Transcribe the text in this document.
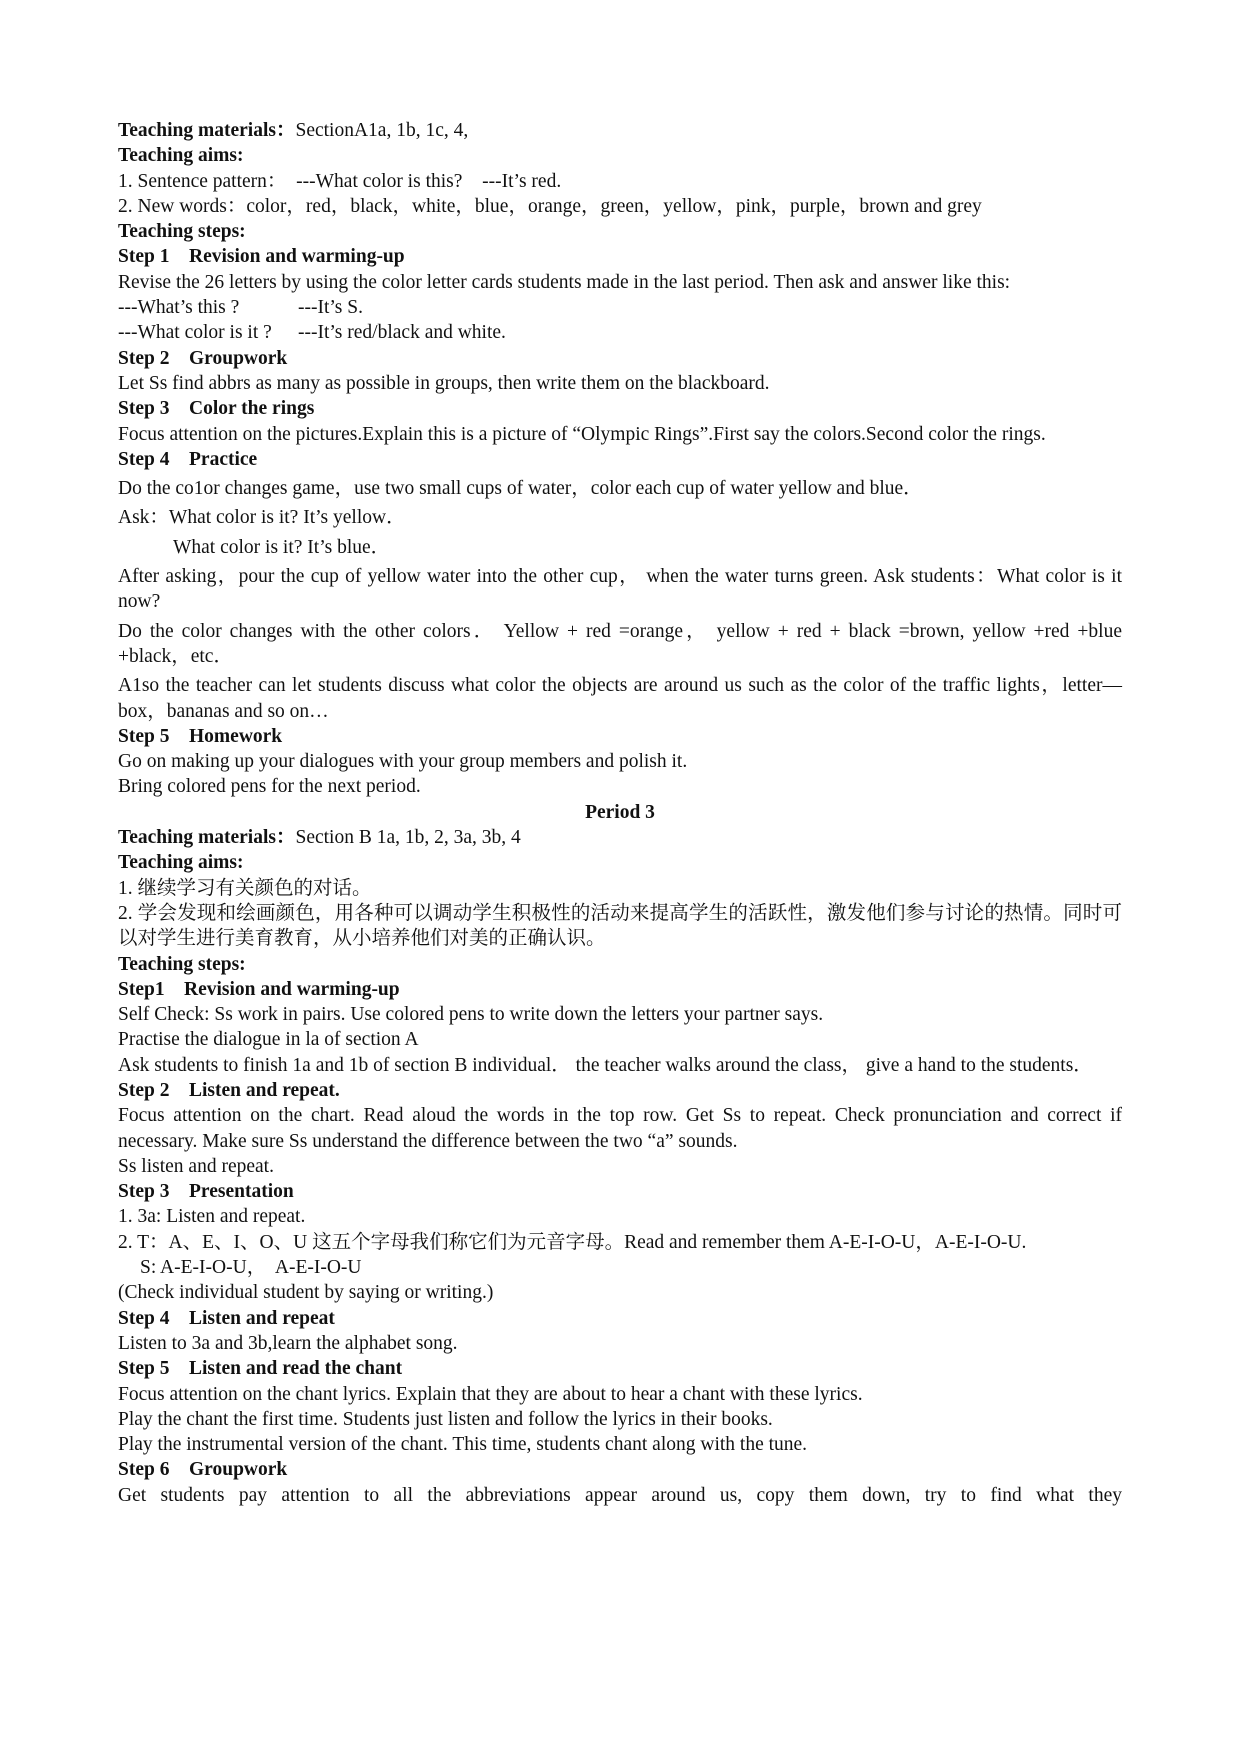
Teaching materials：SectionA1a, 1b, 1c, 4,
Teaching aims:
1. Sentence pattern： ---What color is this? ---It’s red.
2. New words：color，red，black，white，blue，orange，green，yellow，pink，purple，brown and grey
Teaching steps:
Step 1 Revision and warming-up
Revise the 26 letters by using the color letter cards students made in the last period. Then ask and answer like this:
---What’s this ?	---It’s S.
---What color is it ? ---It’s red/black and white.
Step 2 Groupwork
Let Ss find abbrs as many as possible in groups, then write them on the blackboard.
Step 3 Color the rings
Focus attention on the pictures.Explain this is a picture of “Olympic Rings”.First say the colors.Second color the rings.
Step 4 Practice
Do the co1or changes game，use two small cups of water，color each cup of water yellow and blue．
Ask：What color is it? It’s yellow．
What color is it? It’s blue．
After asking，pour the cup of yellow water into the other cup， when the water turns green. Ask students：What color is it now?
Do the color changes with the other colors． Yellow + red =orange， yellow + red + black =brown, yellow +red +blue +black，etc．
A1so the teacher can let students discuss what color the objects are around us such as the color of the traffic lights，letter—box，bananas and so on…
Step 5 Homework
Go on making up your dialogues with your group members and polish it.
Bring colored pens for the next period.
Period 3
Teaching materials：Section B 1a, 1b, 2, 3a, 3b, 4
Teaching aims:
1. 继续学习有关颜色的对话。
2. 学会发现和绘画颜色，用各种可以调动学生积极性的活动来提高学生的活跃性，激发他们参与讨论的热情。同时可以对学生进行美育教育，从小培养他们对美的正确认识。
Teaching steps:
Step1 Revision and warming-up
Self Check: Ss work in pairs. Use colored pens to write down the letters your partner says.
Practise the dialogue in la of section A
Ask students to finish 1a and 1b of section B individual． the teacher walks around the class， give a hand to the students．
Step 2 Listen and repeat.
Focus attention on the chart. Read aloud the words in the top row. Get Ss to repeat. Check pronunciation and correct if necessary. Make sure Ss understand the difference between the two “a” sounds.
Ss listen and repeat.
Step 3 Presentation
1. 3a: Listen and repeat.
2. T：A、E、I、O、U 这五个字母我们称它们为元音字母。Read and remember them A-E-I-O-U，A-E-I-O-U.
S: A-E-I-O-U，  A-E-I-O-U
(Check individual student by saying or writing.)
Step 4 Listen and repeat
Listen to 3a and 3b,learn the alphabet song.
Step 5 Listen and read the chant
Focus attention on the chant lyrics. Explain that they are about to hear a chant with these lyrics.
Play the chant the first time. Students just listen and follow the lyrics in their books.
Play the instrumental version of the chant. This time, students chant along with the tune.
Step 6 Groupwork
Get students pay attention to all the abbreviations appear around us, copy them down, try to find what they
